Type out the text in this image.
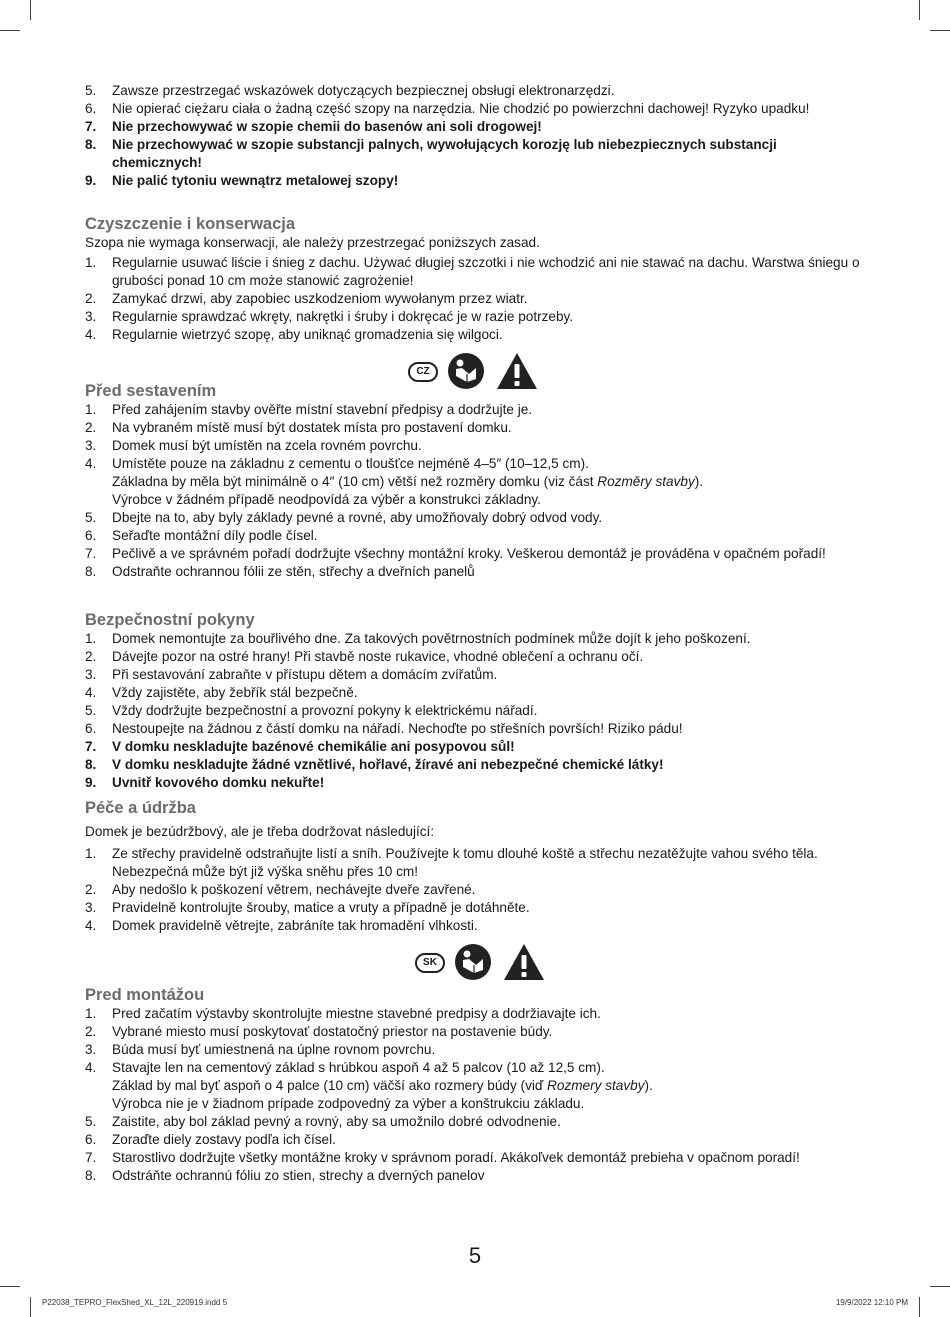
5. Zawsze przestrzegać wskazówek dotyczących bezpiecznej obsługi elektronarzędzi.
6. Nie opierać ciężaru ciała o żadną część szopy na narzędzia. Nie chodzić po powierzchni dachowej! Ryzyko upadku!
7. Nie przechowywać w szopie chemii do basenów ani soli drogowej!
8. Nie przechowywać w szopie substancji palnych, wywołujących korozję lub niebezpiecznych substancji chemicznych!
9. Nie palić tytoniu wewnątrz metalowej szopy!
Czyszczenie i konserwacja

Szopa nie wymaga konserwacji, ale należy przestrzegać poniższych zasad.

1. Regularnie usuwać liście i śnieg z dachu. Używać długiej szczotki i nie wchodzić ani nie stawać na dachu. Warstwa śniegu o grubości ponad 10 cm może stanowić zagrożenie!
2. Zamykać drzwi, aby zapobiec uszkodzeniom wywołanym przez wiatr.
3. Regularnie sprawdzać wkręty, nakrętki i śruby i dokręcać je w razie potrzeby.
4. Regularnie wietrzyć szopę, aby uniknąć gromadzenia się wilgoci.
CZ
Před sestavením
1. Před zahájením stavby ověřte místní stavební předpisy a dodržujte je.
2. Na vybraném místě musí být dostatek místa pro postavení domku.
3. Domek musí být umístěn na zcela rovném povrchu.
4. Umístěte pouze na základnu z cementu o tloušťce nejméně 4–5″ (10–12,5 cm).
Základna by měla být minimálně o 4″ (10 cm) větší než rozměry domku (viz část Rozměry stavby).
Výrobce v žádném případě neodpovídá za výběr a konstrukci základny.
5. Dbejte na to, aby byly základy pevné a rovné, aby umožňovaly dobrý odvod vody.
6. Seřaďte montážní díly podle čísel.
7. Pečlivě a ve správném pořadí dodržujte všechny montážní kroky. Veškerou demontáž je prováděna v opačném pořadí!
8. Odstraňte ochrannou fólii ze stěn, střechy a dveřních panelů
Bezpečnostní pokyny
1. Domek nemontujte za bouřlivého dne. Za takových povětrnostních podmínek může dojít k jeho poškození.
2. Dávejte pozor na ostré hrany! Při stavbě noste rukavice, vhodné oblečení a ochranu očí.
3. Při sestavování zabraňte v přístupu dětem a domácím zvířatům.
4. Vždy zajistěte, aby žebřík stál bezpečně.
5. Vždy dodržujte bezpečnostní a provozní pokyny k elektrickému nářadí.
6. Nestoupejte na žádnou z částí domku na nářadí. Nechoďte po střešních površích! Riziko pádu!
7. V domku neskladujte bazénové chemikálie ani posypovou sůl!
8. V domku neskladujte žádné vznětlivé, hořlavé, žíravé ani nebezpečné chemické látky!
9. Uvnitř kovového domku nekuřte!
Péče a údržba

Domek je bezúdržbový, ale je třeba dodržovat následující:

1. Ze střechy pravidelně odstraňujte listí a sníh. Používejte k tomu dlouhé koště a střechu nezatěžujte vahou svého těla. Nebezpečná může být již výška sněhu přes 10 cm!
2. Aby nedošlo k poškození větrem, nechávejte dveře zavřené.
3. Pravidelně kontrolujte šrouby, matice a vruty a případně je dotáhněte.
4. Domek pravidelně větrejte, zabráníte tak hromadění vlhkosti.
SK
Pred montážou
1. Pred začatím výstavby skontrolujte miestne stavebné predpisy a dodržiavajte ich.
2. Vybrané miesto musí poskytovať dostatočný priestor na postavenie búdy.
3. Búda musí byť umiestnená na úplne rovnom povrchu.
4. Stavajte len na cementový základ s hrúbkou aspoň 4 až 5 palcov (10 až 12,5 cm).
Základ by mal byť aspoň o 4 palce (10 cm) väčší ako rozmery búdy (viď Rozmery stavby).
Výrobca nie je v žiadnom prípade zodpovedný za výber a konštrukciu základu.
5. Zaistite, aby bol základ pevný a rovný, aby sa umožnilo dobré odvodnenie.
6. Zoraďte diely zostavy podľa ich čísel.
7. Starostlivo dodržujte všetky montážne kroky v správnom poradí. Akákoľvek demontáž prebieha v opačnom poradí!
8. Odstráňte ochrannú fóliu zo stien, strechy a dverných panelov
5
P22038_TEPRO_FlexShed_XL_12L_220919.indd 5	19/9/2022 12:10 PM
